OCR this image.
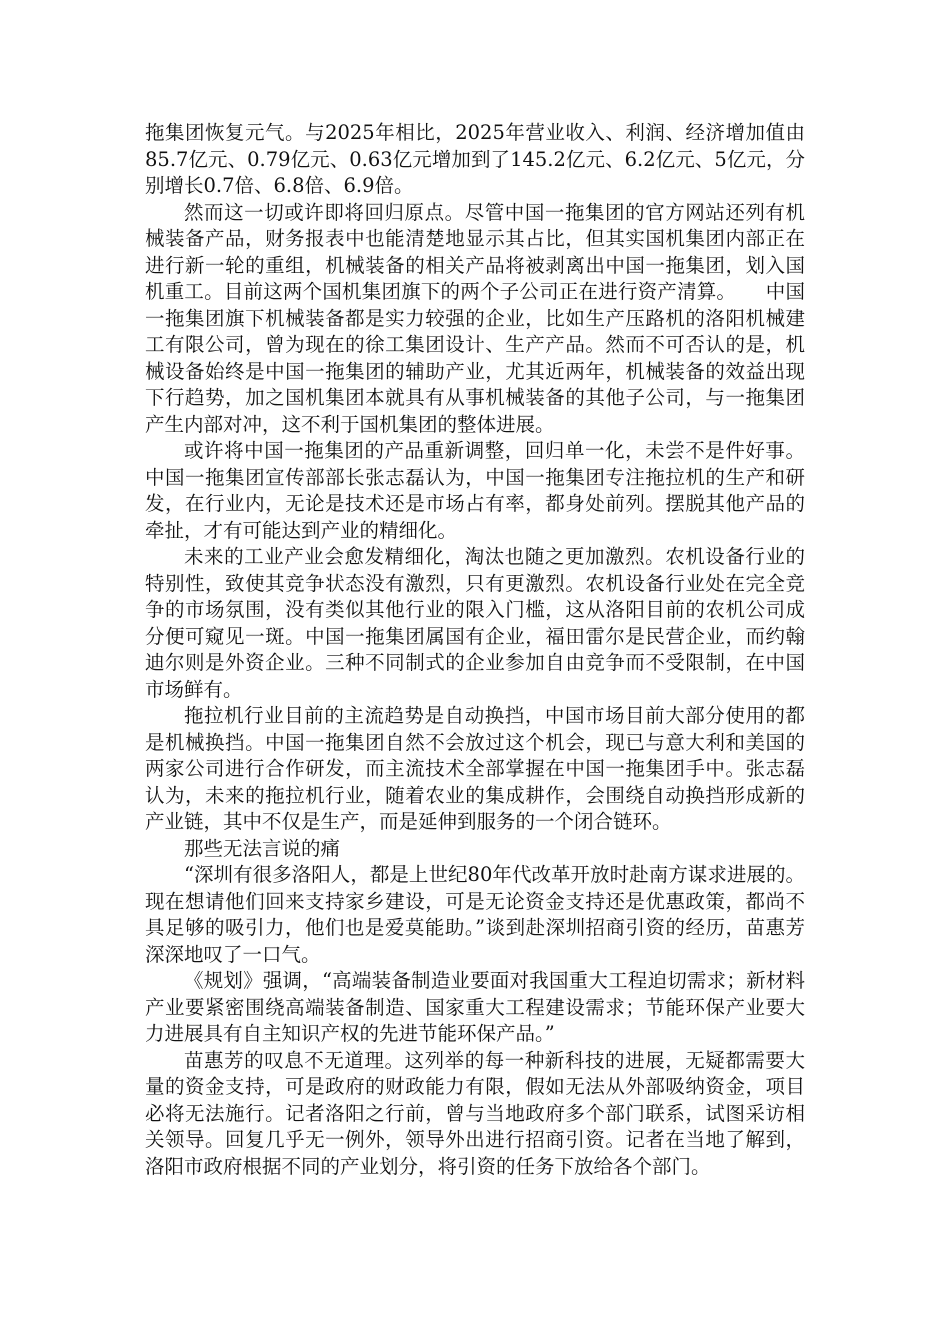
拖集团恢复元气。与2025年相比，2025年营业收入、利润、经济增加值由85.7亿元、0.79亿元、0.63亿元增加到了145.2亿元、6.2亿元、5亿元，分别增长0.7倍、6.8倍、6.9倍。

然而这一切或许即将回归原点。尽管中国一拖集团的官方网站还列有机械装备产品，财务报表中也能清楚地显示其占比，但其实国机集团内部正在进行新一轮的重组，机械装备的相关产品将被剥离出中国一拖集团，划入国机重工。目前这两个国机集团旗下的两个子公司正在进行资产清算。　　中国一拖集团旗下机械装备都是实力较强的企业，比如生产压路机的洛阳机械建工有限公司，曾为现在的徐工集团设计、生产产品。然而不可否认的是，机械设备始终是中国一拖集团的辅助产业，尤其近两年，机械装备的效益出现下行趋势，加之国机集团本就具有从事机械装备的其他子公司，与一拖集团产生内部对冲，这不利于国机集团的整体进展。

或许将中国一拖集团的产品重新调整，回归单一化，未尝不是件好事。中国一拖集团宣传部部长张志磊认为，中国一拖集团专注拖拉机的生产和研发，在行业内，无论是技术还是市场占有率，都身处前列。摆脱其他产品的牵扯，才有可能达到产业的精细化。

未来的工业产业会愈发精细化，淘汰也随之更加激烈。农机设备行业的特别性，致使其竞争状态没有激烈，只有更激烈。农机设备行业处在完全竞争的市场氛围，没有类似其他行业的限入门槛，这从洛阳目前的农机公司成分便可窥见一斑。中国一拖集团属国有企业，福田雷尔是民营企业，而约翰迪尔则是外资企业。三种不同制式的企业参加自由竞争而不受限制，在中国市场鲜有。

拖拉机行业目前的主流趋势是自动换挡，中国市场目前大部分使用的都是机械换挡。中国一拖集团自然不会放过这个机会，现已与意大利和美国的两家公司进行合作研发，而主流技术全部掌握在中国一拖集团手中。张志磊认为，未来的拖拉机行业，随着农业的集成耕作，会围绕自动换挡形成新的产业链，其中不仅是生产，而是延伸到服务的一个闭合链环。

那些无法言说的痛

“深圳有很多洛阳人，都是上世纪80年代改革开放时赴南方谋求进展的。现在想请他们回来支持家乡建设，可是无论资金支持还是优惠政策，都尚不具足够的吸引力，他们也是爱莫能助。”谈到赴深圳招商引资的经历，苗惠芳深深地叹了一口气。

《规划》强调，“高端装备制造业要面对我国重大工程迫切需求；新材料产业要紧密围绕高端装备制造、国家重大工程建设需求；节能环保产业要大力进展具有自主知识产权的先进节能环保产品。”

苗惠芳的叹息不无道理。这列举的每一种新科技的进展，无疑都需要大量的资金支持，可是政府的财政能力有限，假如无法从外部吸纳资金，项目必将无法施行。记者洛阳之行前，曾与当地政府多个部门联系，试图采访相关领导。回复几乎无一例外，领导外出进行招商引资。记者在当地了解到，洛阳市政府根据不同的产业划分，将引资的任务下放给各个部门。
